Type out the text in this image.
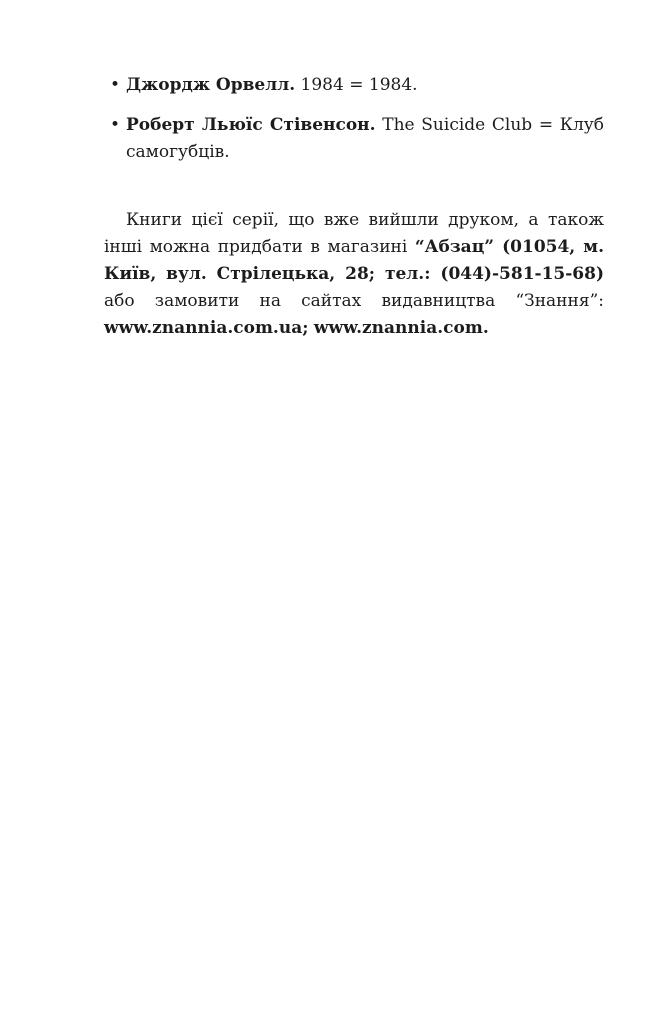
• Джордж Орвелл. 1984 = 1984.
• Роберт Льюїс Стівенсон. The Suicide Club = Клуб самогубців.

Книги цієї серії, що вже вийшли друком, а також інші можна придбати в магазині “Абзац” (01054, м. Київ, вул. Стрілецька, 28; тел.: (044)-581-15-68) або замовити на сайтах видавництва “Знання”: www.znannia.com.ua; www.znannia.com.
